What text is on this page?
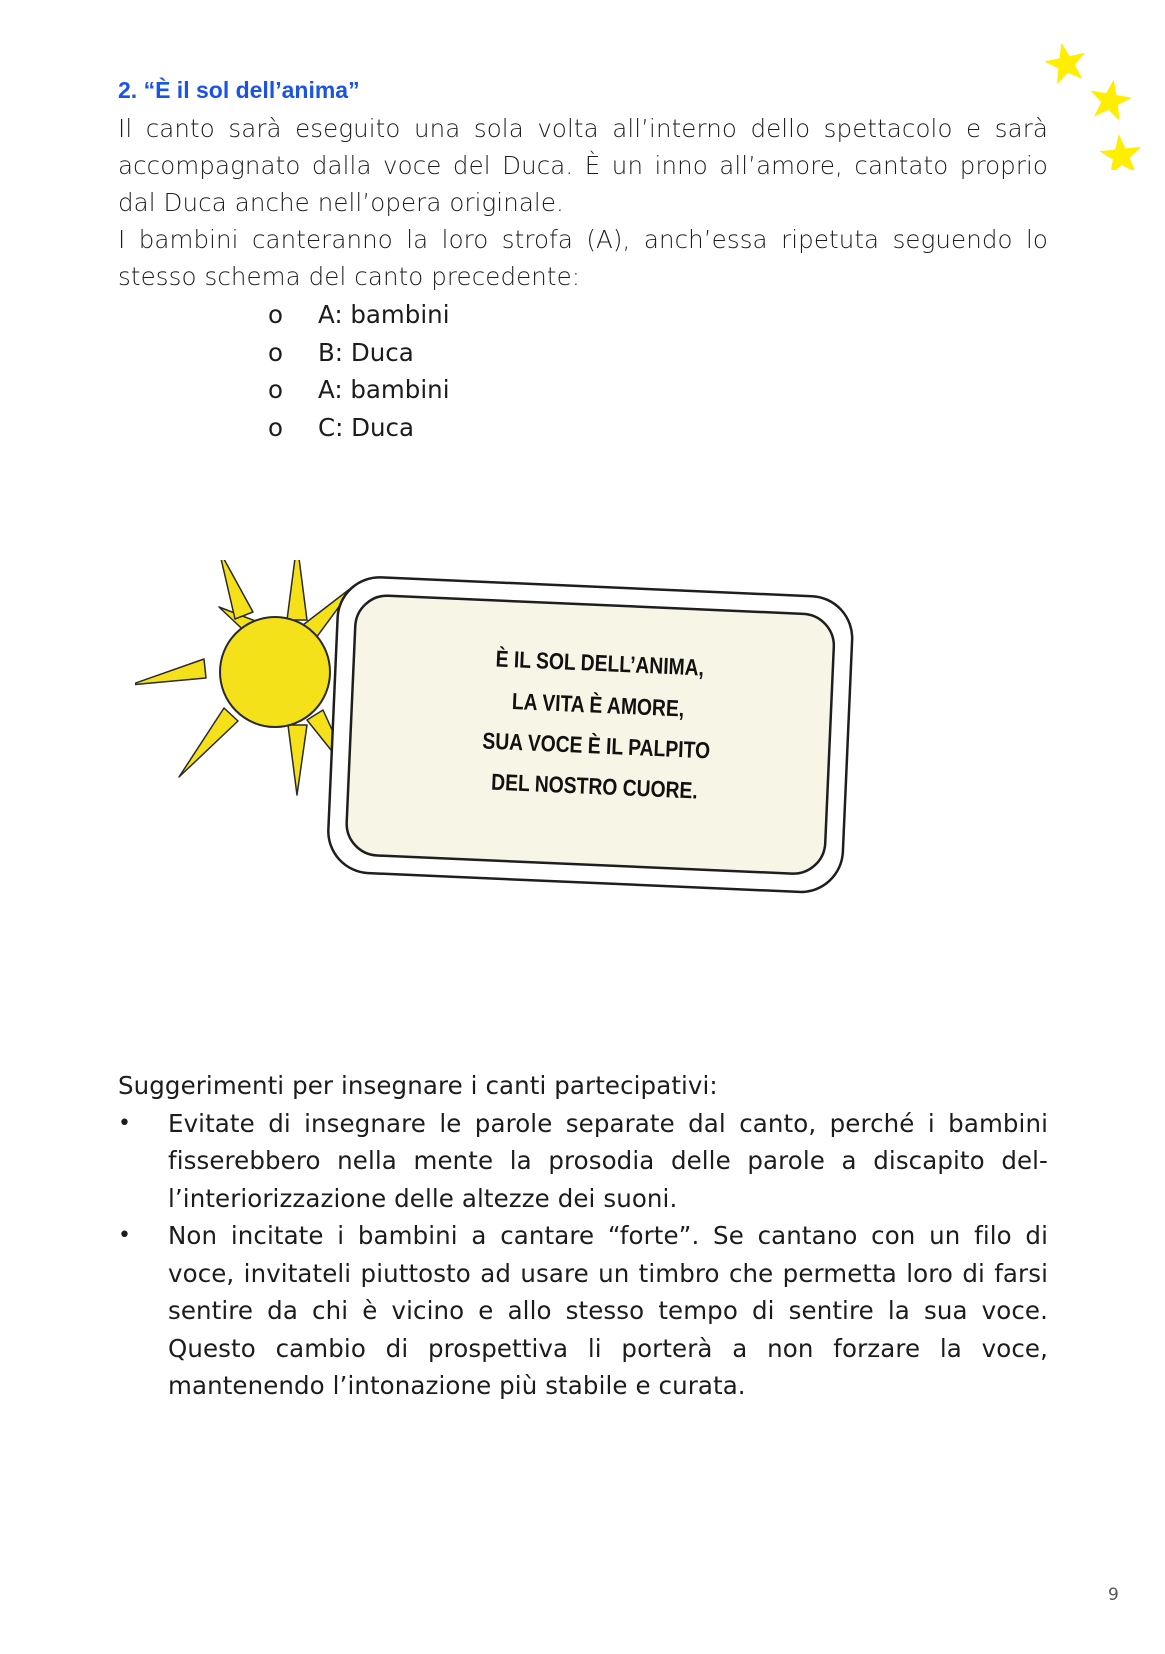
2. “È il sol dell’anima”

Il canto sarà eseguito una sola volta all’interno dello spettacolo e sarà accompagnato dalla voce del Duca. È un inno all’amore, cantato proprio dal Duca anche nell’opera originale.

I bambini canteranno la loro strofa (A), anch’essa ripetuta seguendo lo stesso schema del canto precedente:

o	A: bambini
o	B: Duca
o	A: bambini
o	C: Duca
È IL SOL DELL’ANIMA,
LA VITA È AMORE,
SUA VOCE È IL PALPITO
DEL NOSTRO CUORE.

Suggerimenti per insegnare i canti partecipativi:

•	Evitate di insegnare le parole separate dal canto, perché i bambini fisserebbero nella mente la prosodia delle parole a discapito del-l’interiorizzazione delle altezze dei suoni.
•	Non incitate i bambini a cantare “forte”. Se cantano con un filo di voce, invitateli piuttosto ad usare un timbro che permetta loro di farsi sentire da chi è vicino e allo stesso tempo di sentire la sua voce. Questo cambio di prospettiva li porterà a non forzare la voce, mantenendo l’intonazione più stabile e curata.

9
